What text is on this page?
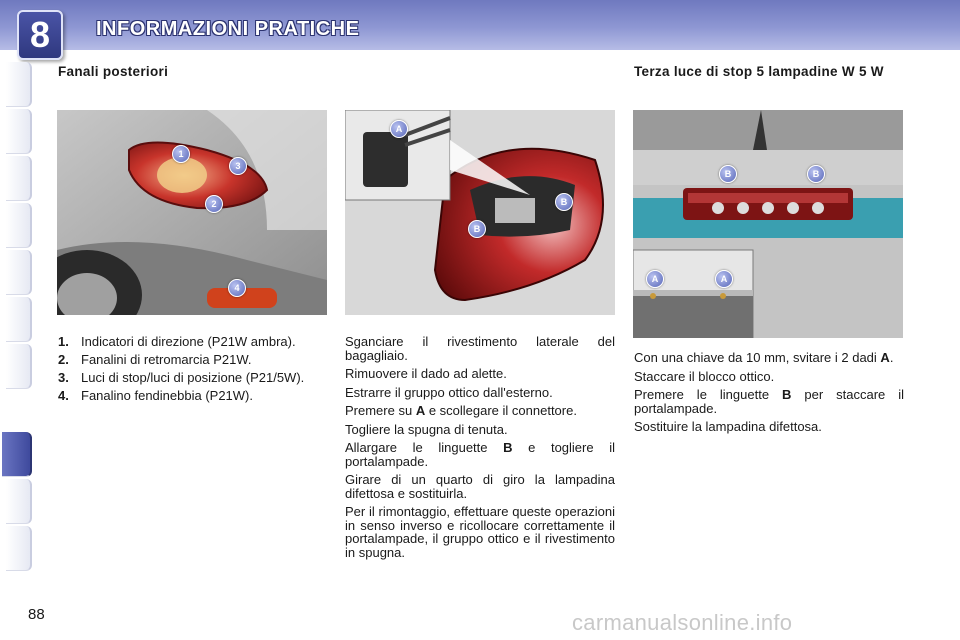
8	INFORMAZIONI PRATICHE
Fanali posteriori	Terza luce di stop 5 lampadine W 5 W
1
3
2
4
A
B
B
B	B
A	A
1. Indicatori di direzione (P21W ambra).
2. Fanalini di retromarcia P21W.
3. Luci di stop/luci di posizione (P21/5W).
4. Fanalino fendinebbia (P21W).

Sganciare il rivestimento laterale del bagagliaio.

Rimuovere il dado ad alette.

Estrarre il gruppo ottico dall'esterno.

Premere su A e scollegare il connettore.

Togliere la spugna di tenuta.

Allargare le linguette B e togliere il portalampade.

Girare di un quarto di giro la lampadina difettosa e sostituirla.

Per il rimontaggio, effettuare queste operazioni in senso inverso e ricollocare correttamente il portalampade, il gruppo ottico e il rivestimento in spugna.

Con una chiave da 10 mm, svitare i 2 dadi A.

Staccare il blocco ottico.

Premere le linguette B per staccare il portalampade.

Sostituire la lampadina difettosa.

88	carmanualsonline.info
